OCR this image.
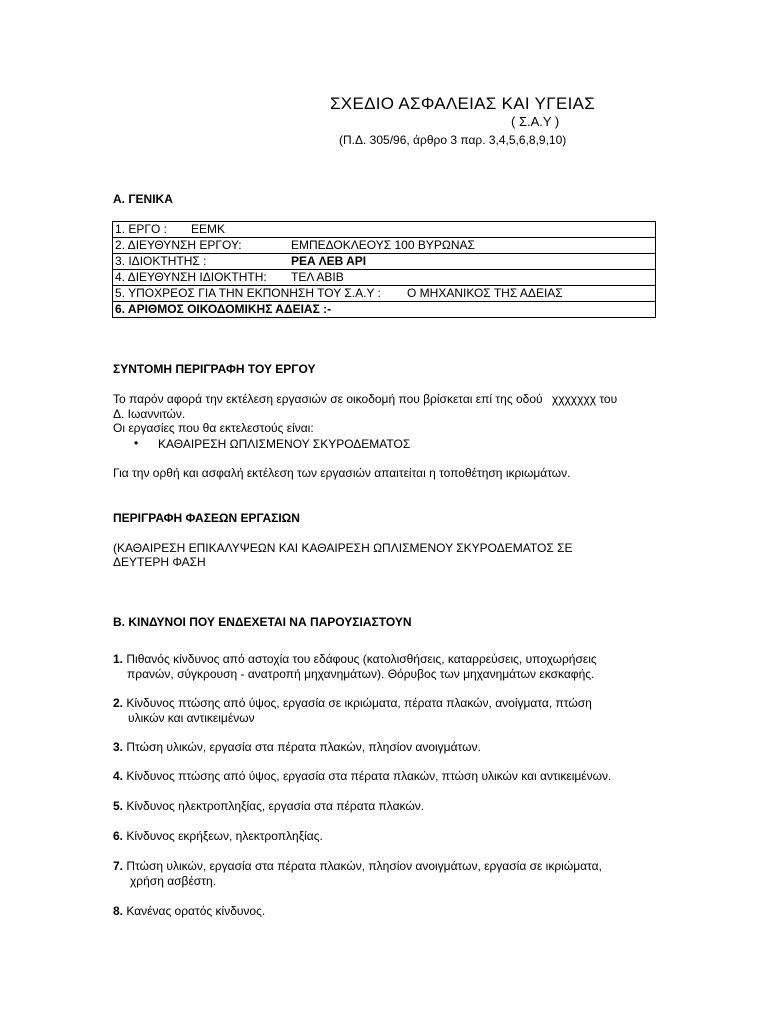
ΣΧΕΔΙΟ ΑΣΦΑΛΕΙΑΣ ΚΑΙ ΥΓΕΙΑΣ
( Σ.Α.Υ )
(Π.Δ. 305/96, άρθρο 3 παρ. 3,4,5,6,8,9,10)
Α. ΓΕΝΙΚΑ
1. ΕΡΓΟ : ΕΕΜΚ
2. ΔΙΕΥΘΥΝΣΗ ΕΡΓΟΥ:	ΕΜΠΕΔΟΚΛΕΟΥΣ 100 ΒΥΡΩΝΑΣ
3. ΙΔΙΟΚΤΗΤΗΣ :	ΡΕΑ ΛΕΒ ΑΡΙ
4. ΔΙΕΥΘΥΝΣΗ ΙΔΙΟΚΤΗΤΗ: ΤΕΛ ΑΒΙΒ
5. ΥΠΟΧΡΕΟΣ ΓΙΑ ΤΗΝ ΕΚΠΟΝΗΣΗ ΤΟΥ Σ.Α.Υ : Ο ΜΗΧΑΝΙΚΟΣ ΤΗΣ ΑΔΕΙΑΣ
6. ΑΡΙΘΜΟΣ ΟΙΚΟΔΟΜΙΚΗΣ ΑΔΕΙΑΣ :-
ΣΥΝΤΟΜΗ ΠΕΡΙΓΡΑΦΗ ΤΟΥ ΕΡΓΟΥ
Το παρόν αφορά την εκτέλεση εργασιών σε οικοδομή που βρίσκεται επί της οδού χχχχχχχ του
Δ. Ιωαννιτών.
Οι εργασίες που θα εκτελεστούς είναι:
• ΚΑΘΑΙΡΕΣΗ ΩΠΛΙΣΜΕΝΟΥ ΣΚΥΡΟΔΕΜΑΤΟΣ
Για την ορθή και ασφαλή εκτέλεση των εργασιών απαιτείται η τοποθέτηση ικριωμάτων.
ΠΕΡΙΓΡΑΦΗ ΦΑΣΕΩΝ ΕΡΓΑΣΙΩΝ
(ΚΑΘΑΙΡΕΣΗ ΕΠΙΚΑΛΥΨΕΩΝ ΚΑΙ ΚΑΘΑΙΡΕΣΗ ΩΠΛΙΣΜΕΝΟΥ ΣΚΥΡΟΔΕΜΑΤΟΣ ΣΕ
ΔΕΥΤΕΡΗ ΦΑΣΗ
Β. ΚΙΝΔΥΝΟΙ ΠΟΥ ΕΝΔΕΧΕΤΑΙ ΝΑ ΠΑΡΟΥΣΙΑΣΤΟΥΝ
1. Πιθανός κίνδυνος από αστοχία του εδάφους (κατολισθήσεις, καταρρεύσεις, υποχωρήσεις
πρανών, σύγκρουση - ανατροπή μηχανημάτων). Θόρυβος των μηχανημάτων εκσκαφής.
2. Κίνδυνος πτώσης από ύψος, εργασία σε ικριώματα, πέρατα πλακών, ανοίγματα, πτώση
υλικών και αντικειμένων
3. Πτώση υλικών, εργασία στα πέρατα πλακών, πλησίον ανοιγμάτων.
4. Κίνδυνος πτώσης από ύψος, εργασία στα πέρατα πλακών, πτώση υλικών και αντικειμένων.
5. Κίνδυνος ηλεκτροπληξίας, εργασία στα πέρατα πλακών.
6. Κίνδυνος εκρήξεων, ηλεκτροπληξίας.
7. Πτώση υλικών, εργασία στα πέρατα πλακών, πλησίον ανοιγμάτων, εργασία σε ικριώματα,
χρήση ασβέστη.
8. Κανένας ορατός κίνδυνος.
